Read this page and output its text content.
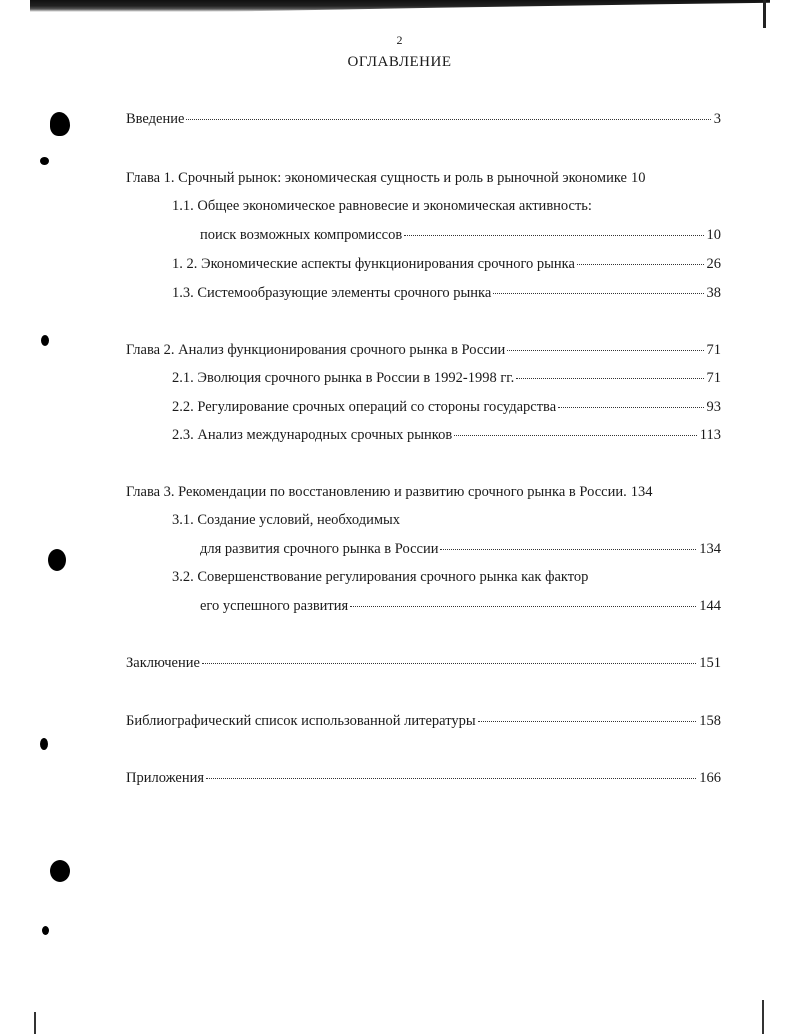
2
ОГЛАВЛЕНИЕ
Введение	3
Глава 1. Срочный рынок: экономическая сущность и роль в рыночной экономике 10
1.1. Общее экономическое равновесие и экономическая активность:
поиск возможных компромиссов	10
1. 2. Экономические аспекты функционирования срочного рынка	26
1.3. Системообразующие элементы срочного рынка	38
Глава 2. Анализ функционирования срочного рынка в России	71
2.1. Эволюция срочного рынка в России в 1992-1998 гг.	71
2.2. Регулирование срочных операций со стороны государства	93
2.3. Анализ международных срочных рынков	113
Глава 3. Рекомендации по восстановлению и развитию срочного рынка в России. 134
3.1. Создание условий, необходимых
для развития срочного рынка в России	134
3.2. Совершенствование регулирования срочного рынка как фактор
его успешного развития	144
Заключение	151
Библиографический список использованной литературы	158
Приложения	166
